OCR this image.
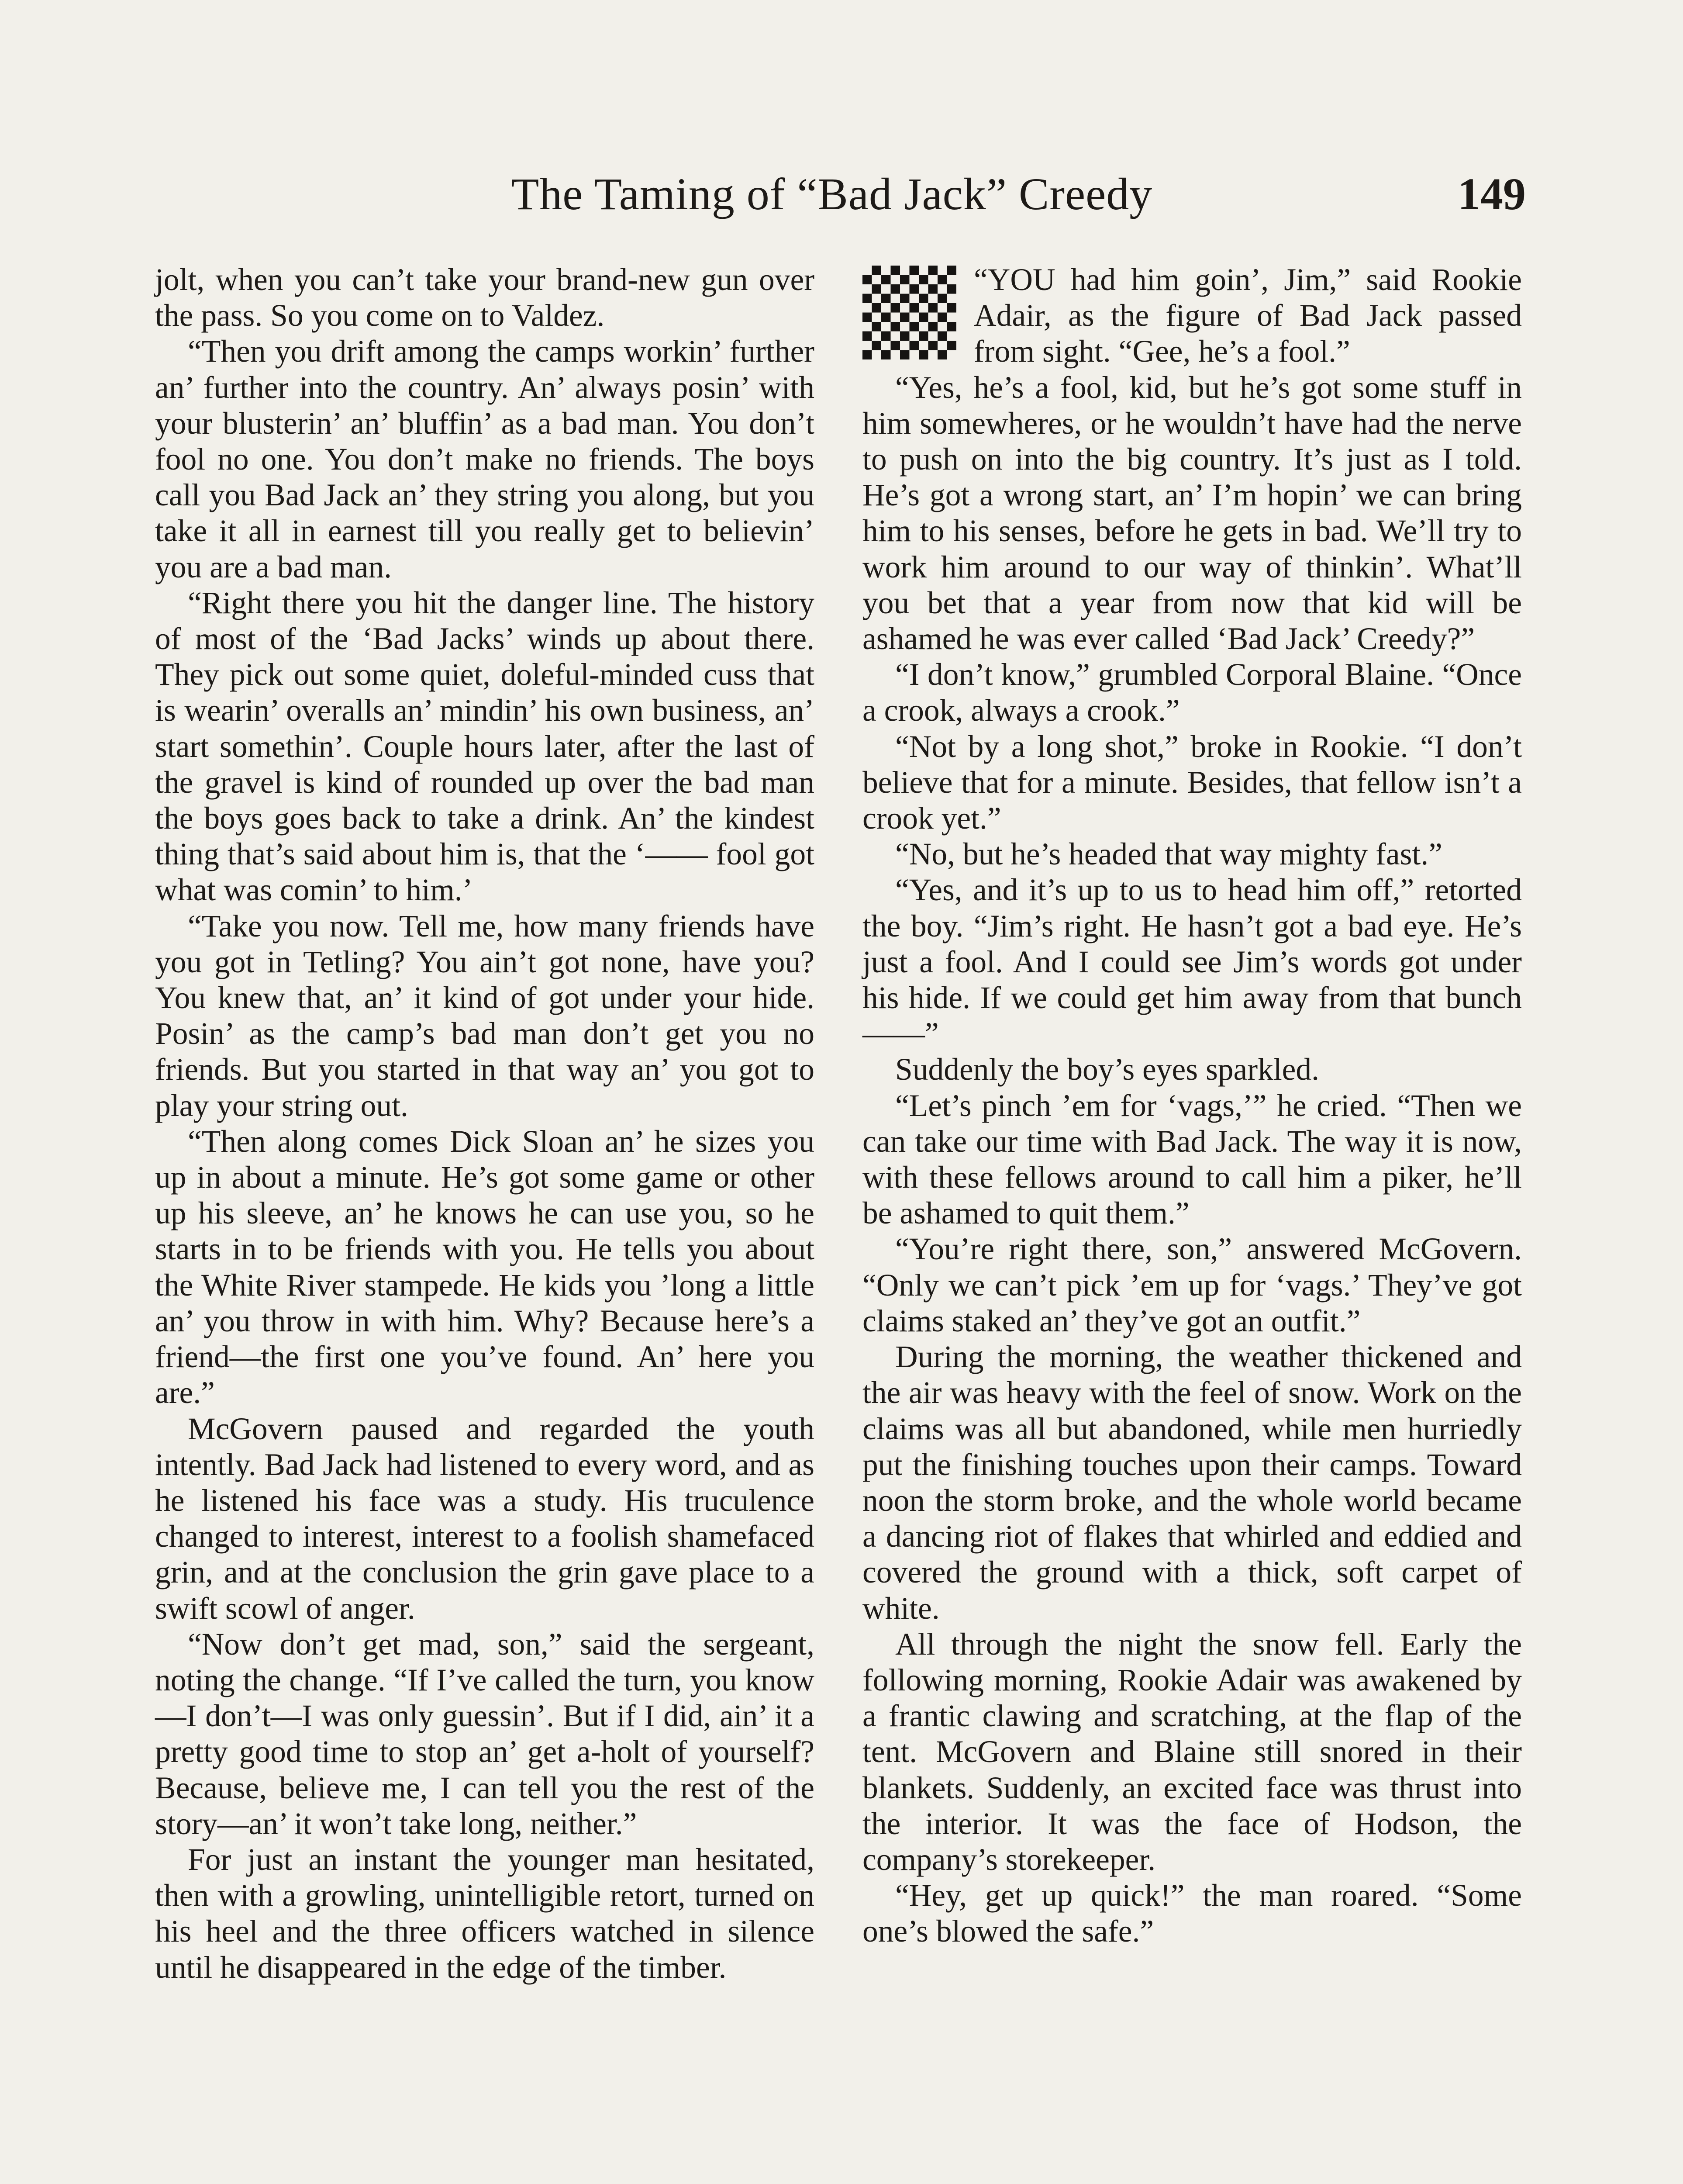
The Taming of “Bad Jack” Creedy	149

jolt, when you can’t take your brand-new gun over the pass. So you come on to Valdez.

“Then you drift among the camps workin’ further an’ further into the country. An’ always posin’ with your blusterin’ an’ bluffin’ as a bad man. You don’t fool no one. You don’t make no friends. The boys call you Bad Jack an’ they string you along, but you take it all in earnest till you really get to believin’ you are a bad man.

“Right there you hit the danger line. The history of most of the ‘Bad Jacks’ winds up about there. They pick out some quiet, doleful-minded cuss that is wearin’ overalls an’ mindin’ his own business, an’ start somethin’. Couple hours later, after the last of the gravel is kind of rounded up over the bad man the boys goes back to take a drink. An’ the kindest thing that’s said about him is, that the ‘—— fool got what was comin’ to him.’

“Take you now. Tell me, how many friends have you got in Tetling? You ain’t got none, have you? You knew that, an’ it kind of got under your hide. Posin’ as the camp’s bad man don’t get you no friends. But you started in that way an’ you got to play your string out.

“Then along comes Dick Sloan an’ he sizes you up in about a minute. He’s got some game or other up his sleeve, an’ he knows he can use you, so he starts in to be friends with you. He tells you about the White River stampede. He kids you ’long a little an’ you throw in with him. Why? Because here’s a friend—the first one you’ve found. An’ here you are.”

McGovern paused and regarded the youth intently. Bad Jack had listened to every word, and as he listened his face was a study. His truculence changed to interest, interest to a foolish shamefaced grin, and at the conclusion the grin gave place to a swift scowl of anger.

“Now don’t get mad, son,” said the sergeant, noting the change. “If I’ve called the turn, you know—I don’t—I was only guessin’. But if I did, ain’ it a pretty good time to stop an’ get a-holt of yourself? Because, believe me, I can tell you the rest of the story—an’ it won’t take long, neither.”

For just an instant the younger man hesitated, then with a growling, unintelligible retort, turned on his heel and the three officers watched in silence until he disappeared in the edge of the timber.

“YOU had him goin’, Jim,” said Rookie Adair, as the figure of Bad Jack passed from sight. “Gee, he’s a fool.”

“Yes, he’s a fool, kid, but he’s got some stuff in him somewheres, or he wouldn’t have had the nerve to push on into the big country. It’s just as I told. He’s got a wrong start, an’ I’m hopin’ we can bring him to his senses, before he gets in bad. We’ll try to work him around to our way of thinkin’. What’ll you bet that a year from now that kid will be ashamed he was ever called ‘Bad Jack’ Creedy?”

“I don’t know,” grumbled Corporal Blaine. “Once a crook, always a crook.”

“Not by a long shot,” broke in Rookie. “I don’t believe that for a minute. Besides, that fellow isn’t a crook yet.”

“No, but he’s headed that way mighty fast.”

“Yes, and it’s up to us to head him off,” retorted the boy. “Jim’s right. He hasn’t got a bad eye. He’s just a fool. And I could see Jim’s words got under his hide. If we could get him away from that bunch——”

Suddenly the boy’s eyes sparkled.

“Let’s pinch ’em for ‘vags,’” he cried. “Then we can take our time with Bad Jack. The way it is now, with these fellows around to call him a piker, he’ll be ashamed to quit them.”

“You’re right there, son,” answered McGovern. “Only we can’t pick ’em up for ‘vags.’ They’ve got claims staked an’ they’ve got an outfit.”

During the morning, the weather thickened and the air was heavy with the feel of snow. Work on the claims was all but abandoned, while men hurriedly put the finishing touches upon their camps. Toward noon the storm broke, and the whole world became a dancing riot of flakes that whirled and eddied and covered the ground with a thick, soft carpet of white.

All through the night the snow fell. Early the following morning, Rookie Adair was awakened by a frantic clawing and scratching, at the flap of the tent. McGovern and Blaine still snored in their blankets. Suddenly, an excited face was thrust into the interior. It was the face of Hodson, the company’s storekeeper.

“Hey, get up quick!” the man roared. “Some one’s blowed the safe.”
